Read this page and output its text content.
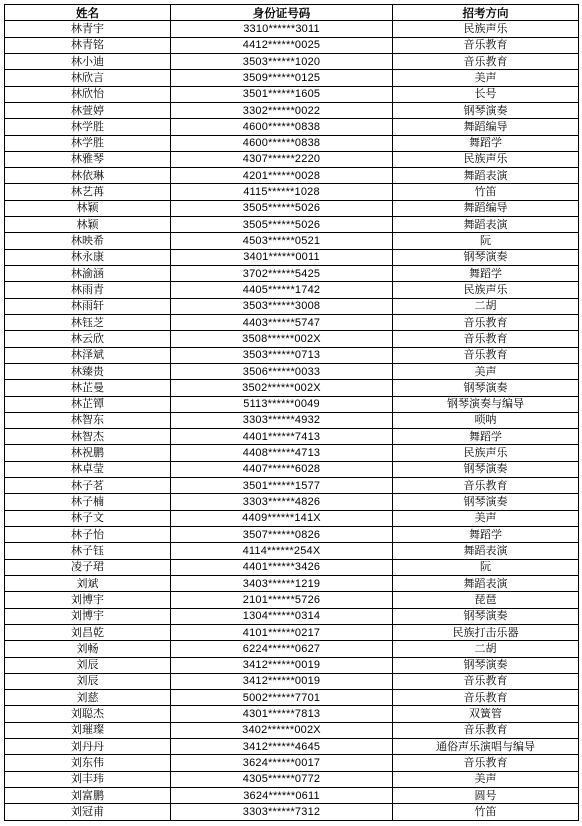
姓名	身份证号码	招考方向
林青宇	3310******3011	民族声乐
林青铭	4412******0025	音乐教育
林小迪	3503******1020	音乐教育
林欣言	3509******0125	美声
林欣怡	3501******1605	长号
林萱婷	3302******0022	钢琴演奏
林学胜	4600******0838	舞蹈编导
林学胜	4600******0838	舞蹈学
林雅琴	4307******2220	民族声乐
林依琳	4201******0028	舞蹈表演
林艺苒	4115******1028	竹笛
林颖	3505******5026	舞蹈编导
林颖	3505******5026	舞蹈表演
林映希	4503******0521	阮
林永康	3401******0011	钢琴演奏
林渝涵	3702******5425	舞蹈学
林雨青	4405******1742	民族声乐
林雨轩	3503******3008	二胡
林钰芝	4403******5747	音乐教育
林云欣	3508******002X	音乐教育
林泽斌	3503******0713	音乐教育
林臻贵	3506******0033	美声
林芷曼	3502******002X	钢琴演奏
林芷镡	5113******0049	钢琴演奏与编导
林智东	3303******4932	唢呐
林智杰	4401******7413	舞蹈学
林祝鹏	4408******4713	民族声乐
林卓莹	4407******6028	钢琴演奏
林子茗	3501******1577	音乐教育
林子楠	3303******4826	钢琴演奏
林子文	4409******141X	美声
林子怡	3507******0826	舞蹈学
林子钰	4114******254X	舞蹈表演
凌子珺	4401******3426	阮
刘斌	3403******1219	舞蹈表演
刘博宇	2101******5726	琵琶
刘博宇	1304******0314	钢琴演奏
刘昌乾	4101******0217	民族打击乐器
刘畅	6224******0627	二胡
刘辰	3412******0019	钢琴演奏
刘辰	3412******0019	音乐教育
刘慈	5002******7701	音乐教育
刘聪杰	4301******7813	双簧管
刘璀璨	3402******002X	音乐教育
刘丹丹	3412******4645	通俗声乐演唱与编导
刘东伟	3624******0017	音乐教育
刘丰玮	4305******0772	美声
刘富鹏	3624******0611	圆号
刘冠甫	3303******7312	竹笛
